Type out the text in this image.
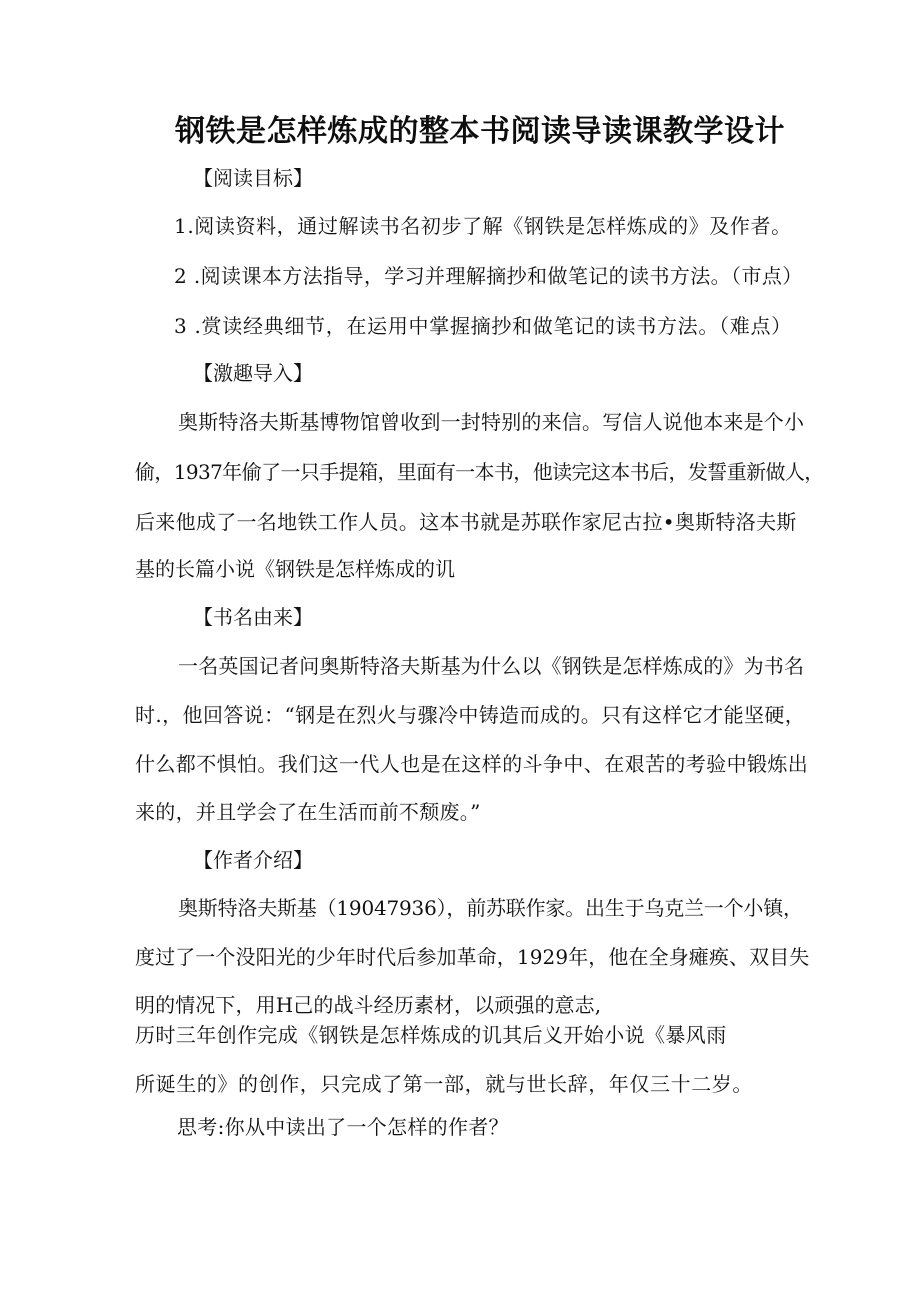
钢铁是怎样炼成的整本书阅读导读课教学设计
【阅读目标】
1.阅读资料，通过解读书名初步了解《钢铁是怎样炼成的》及作者。
2 .阅读课本方法指导，学习并理解摘抄和做笔记的读书方法。（市点）
3 .赏读经典细节，在运用中掌握摘抄和做笔记的读书方法。（难点）
【激趣导入】
奥斯特洛夫斯基博物馆曾收到一封特别的来信。写信人说他本来是个小
偷，1937年偷了一只手提箱，里面有一本书，他读完这本书后，发誓重新做人，
后来他成了一名地铁工作人员。这本书就是苏联作家尼古拉•奥斯特洛夫斯
基的长篇小说《钢铁是怎样炼成的讥
【书名由来】
一名英国记者问奥斯特洛夫斯基为什么以《钢铁是怎样炼成的》为书名
时.，他回答说：“钢是在烈火与骤冷中铸造而成的。只有这样它才能坚硬，
什么都不惧怕。我们这一代人也是在这样的斗争中、在艰苦的考验中锻炼出
来的，并且学会了在生活而前不颓废。”
【作者介绍】
奥斯特洛夫斯基（19047936），前苏联作家。出生于乌克兰一个小镇，
度过了一个没阳光的少年时代后参加革命，1929年，他在全身瘫痪、双目失
明的情况下，用H己的战斗经历素材，以顽强的意志,
历时三年创作完成《钢铁是怎样炼成的讥其后义开始小说《暴风雨
所诞生的》的创作，只完成了第一部，就与世长辞，年仅三十二岁。
思考:你从中读出了一个怎样的作者？
